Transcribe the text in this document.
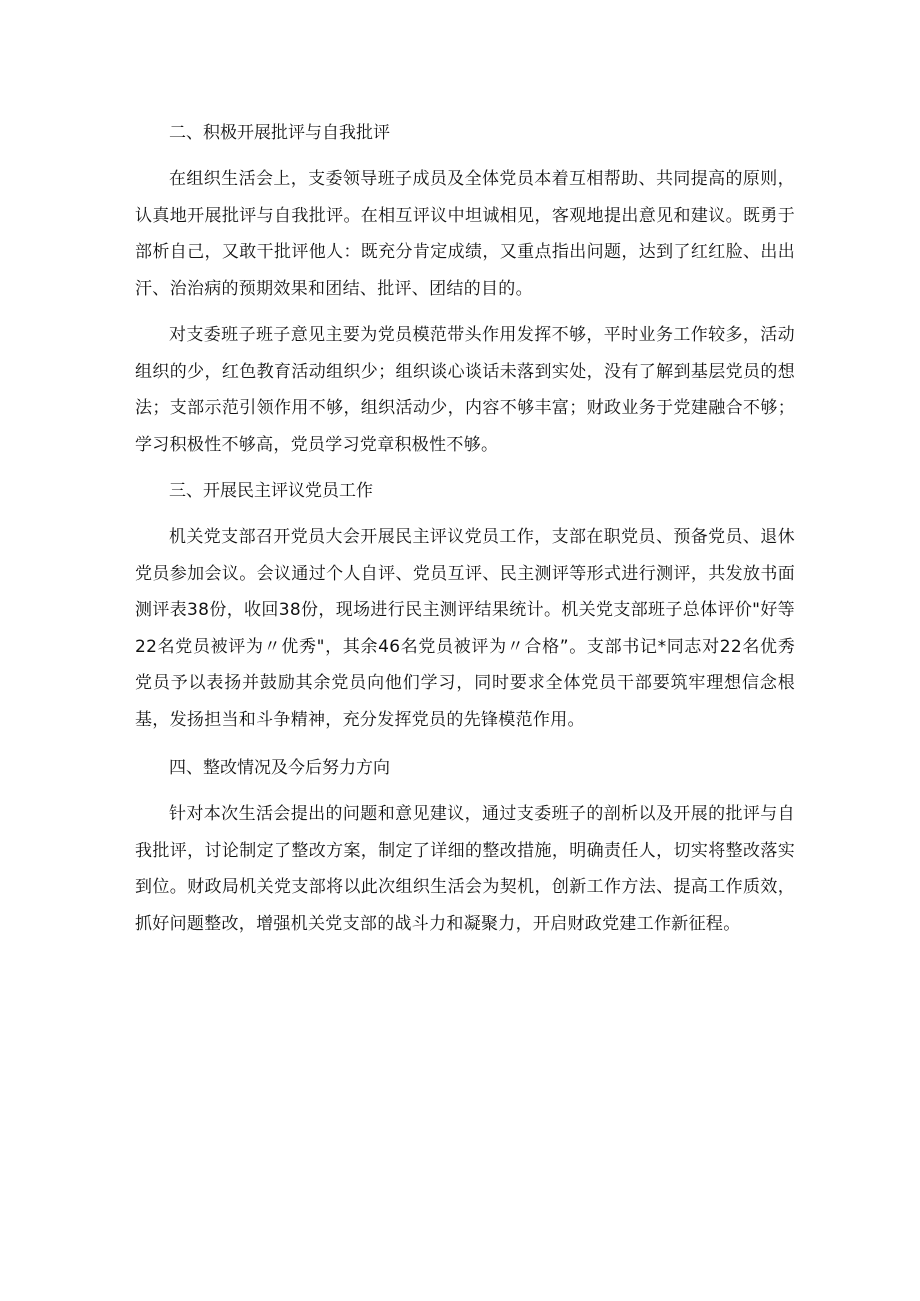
二、积极开展批评与自我批评

在组织生活会上，支委领导班子成员及全体党员本着互相帮助、共同提高的原则，认真地开展批评与自我批评。在相互评议中坦诚相见，客观地提出意见和建议。既勇于部析自己，又敢干批评他人：既充分肯定成绩，又重点指出问题，达到了红红脸、出出汗、治治病的预期效果和团结、批评、团结的目的。

对支委班子班子意见主要为党员模范带头作用发挥不够，平时业务工作较多，活动组织的少，红色教育活动组织少；组织谈心谈话未落到实处，没有了解到基层党员的想法；支部示范引领作用不够，组织活动少，内容不够丰富；财政业务于党建融合不够；学习积极性不够高，党员学习党章积极性不够。

三、开展民主评议党员工作

机关党支部召开党员大会开展民主评议党员工作，支部在职党员、预备党员、退休党员参加会议。会议通过个人自评、党员互评、民主测评等形式进行测评，共发放书面测评表38份，收回38份，现场进行民主测评结果统计。机关党支部班子总体评价"好等22名党员被评为〃优秀"，其余46名党员被评为〃合格”。支部书记*同志对22名优秀党员予以表扬并鼓励其余党员向他们学习，同时要求全体党员干部要筑牢理想信念根基，发扬担当和斗争精神，充分发挥党员的先锋模范作用。

四、整改情况及今后努力方向

针对本次生活会提出的问题和意见建议，通过支委班子的剖析以及开展的批评与自我批评，讨论制定了整改方案，制定了详细的整改措施，明确责任人，切实将整改落实到位。财政局机关党支部将以此次组织生活会为契机，创新工作方法、提高工作质效，抓好问题整改，增强机关党支部的战斗力和凝聚力，开启财政党建工作新征程。
